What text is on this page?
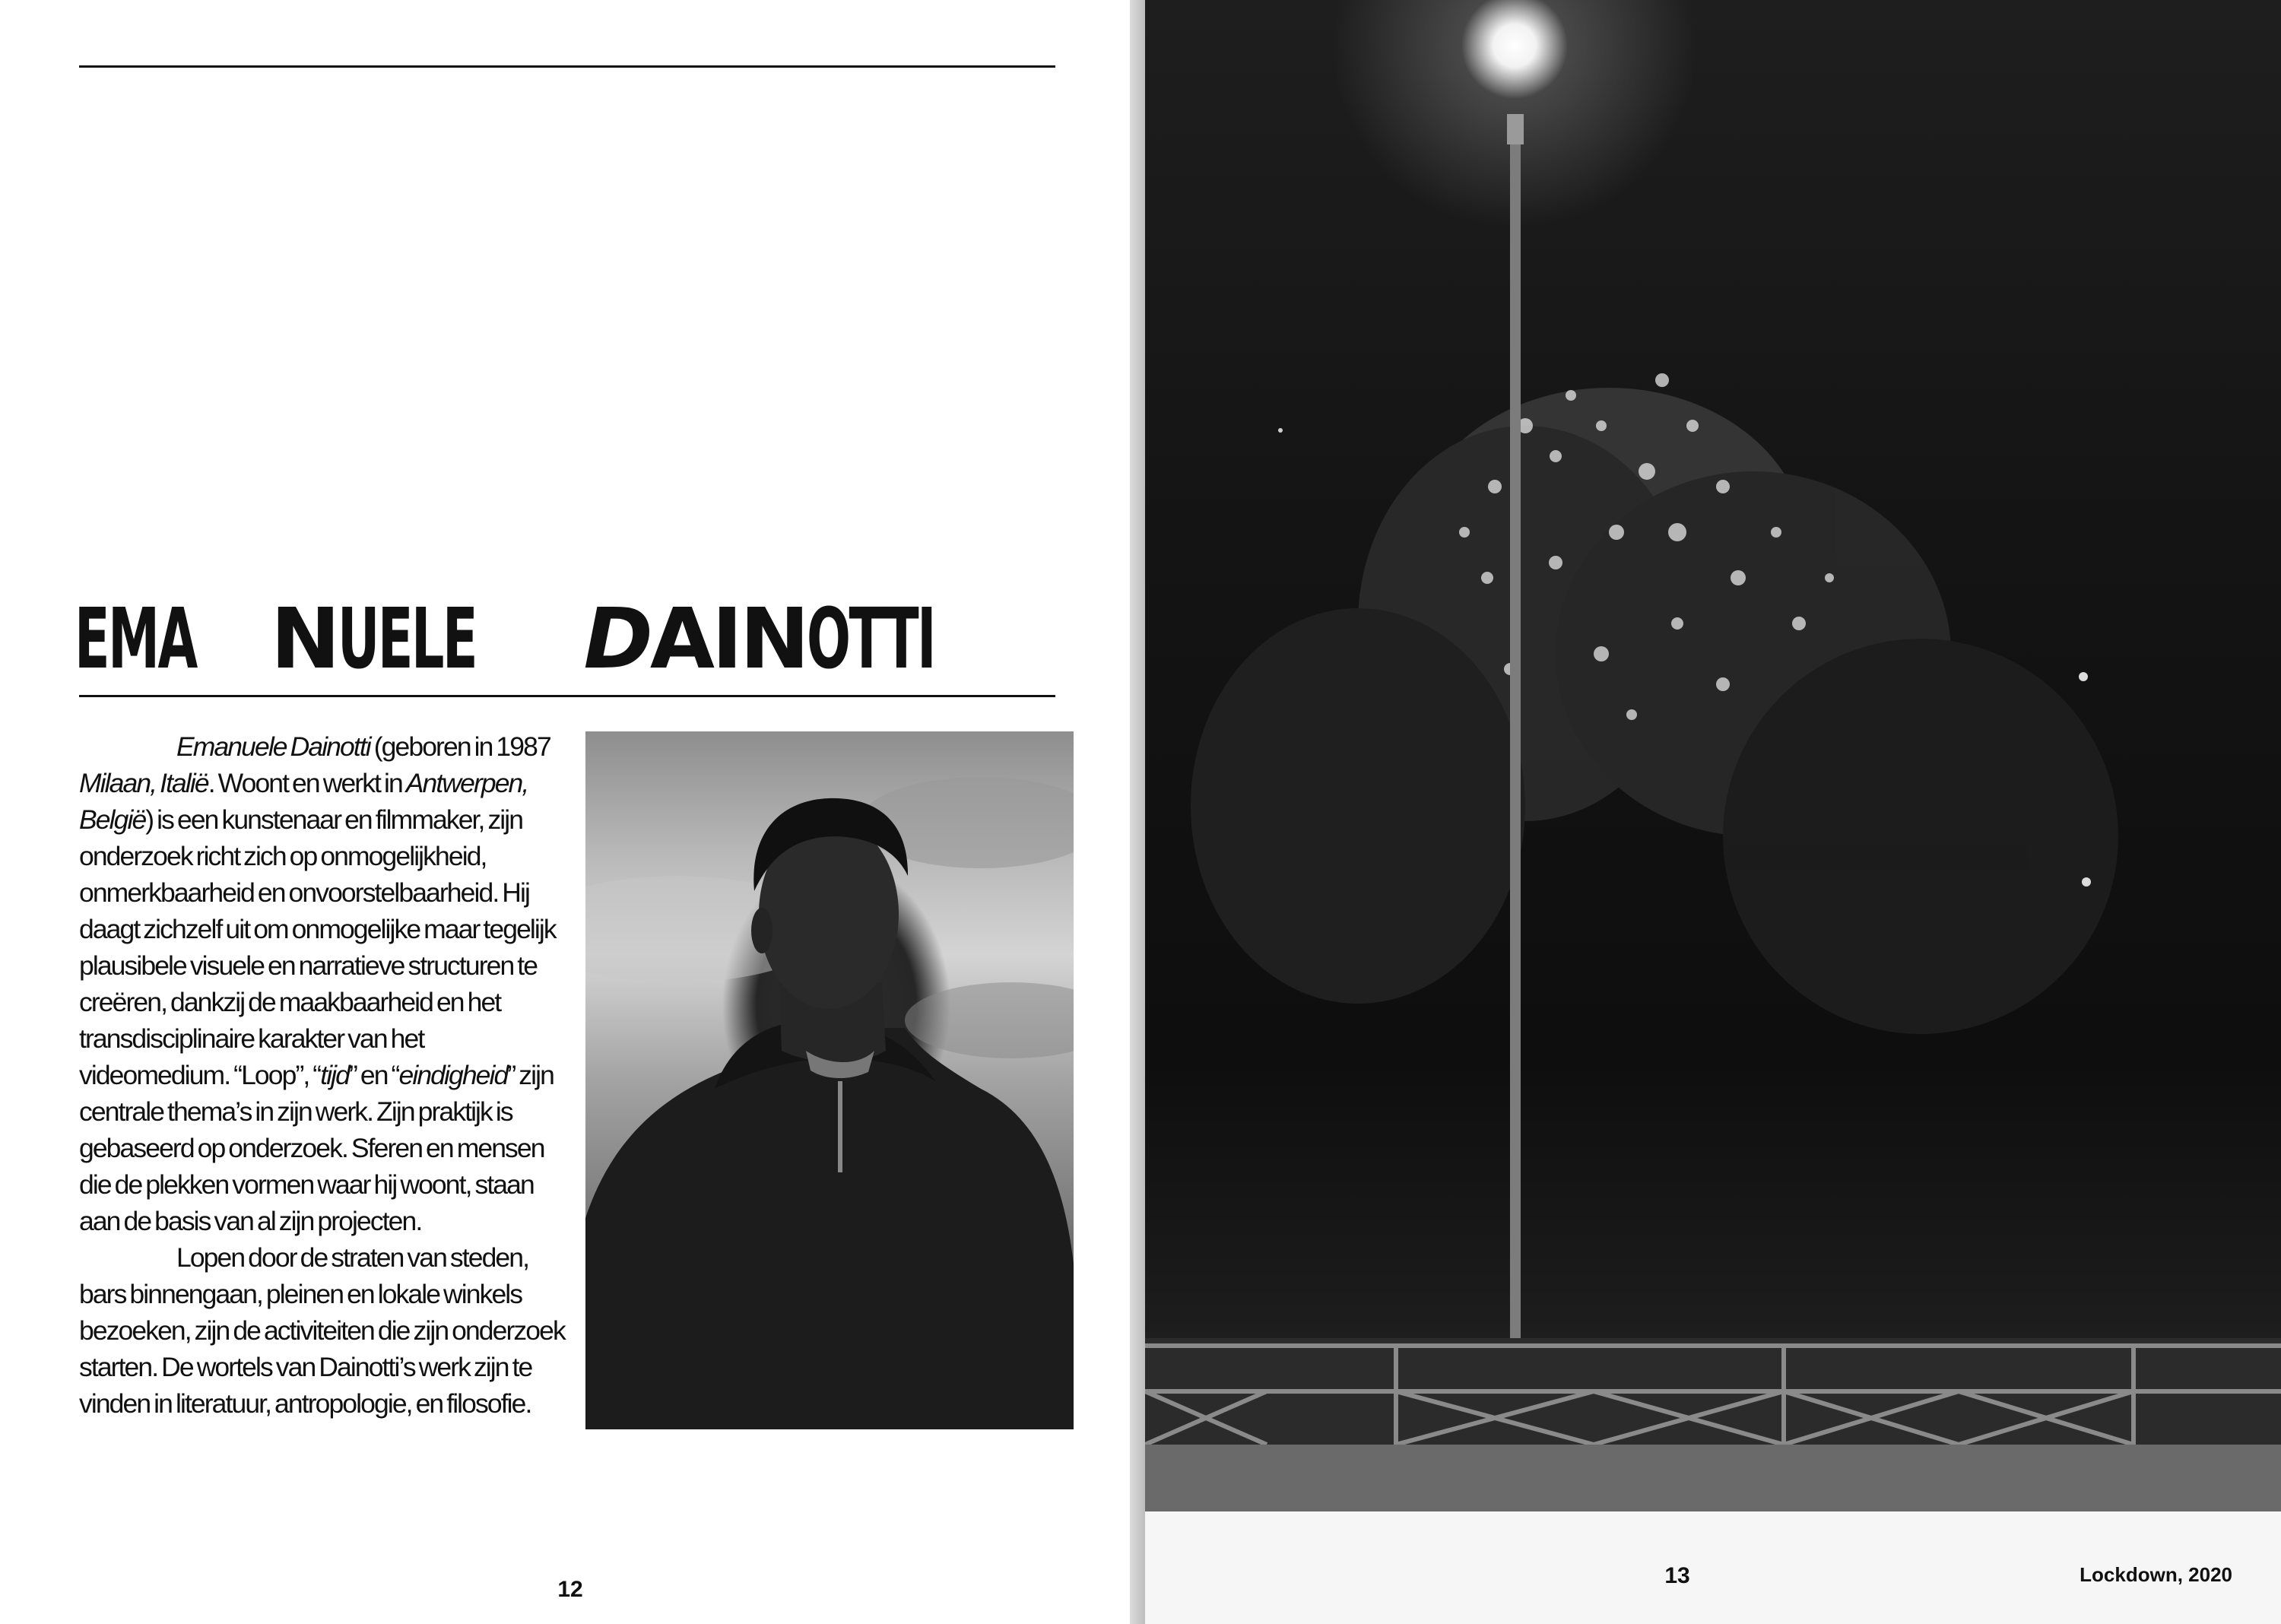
EMA NUELE DAINOTTI

Emanuele Dainotti (geboren in 1987 Milaan, Italië. Woont en werkt in Antwerpen, België) is een kunstenaar en filmmaker, zijn onderzoek richt zich op onmogelijkheid, onmerkbaarheid en onvoorstelbaarheid. Hij daagt zichzelf uit om onmogelijke maar tegelijk plausibele visuele en narratieve structuren te creëren, dankzij de maakbaarheid en het transdisciplinaire karakter van het videomedium. “Loop”, “tijd” en “eindigheid” zijn centrale thema’s in zijn werk. Zijn praktijk is gebaseerd op onderzoek. Sferen en mensen die de plekken vormen waar hij woont, staan aan de basis van al zijn projecten.

Lopen door de straten van steden, bars binnengaan, pleinen en lokale winkels bezoeken, zijn de activiteiten die zijn onderzoek starten. De wortels van Dainotti’s werk zijn te vinden in literatuur, antropologie, en filosofie.

12
13	Lockdown, 2020
